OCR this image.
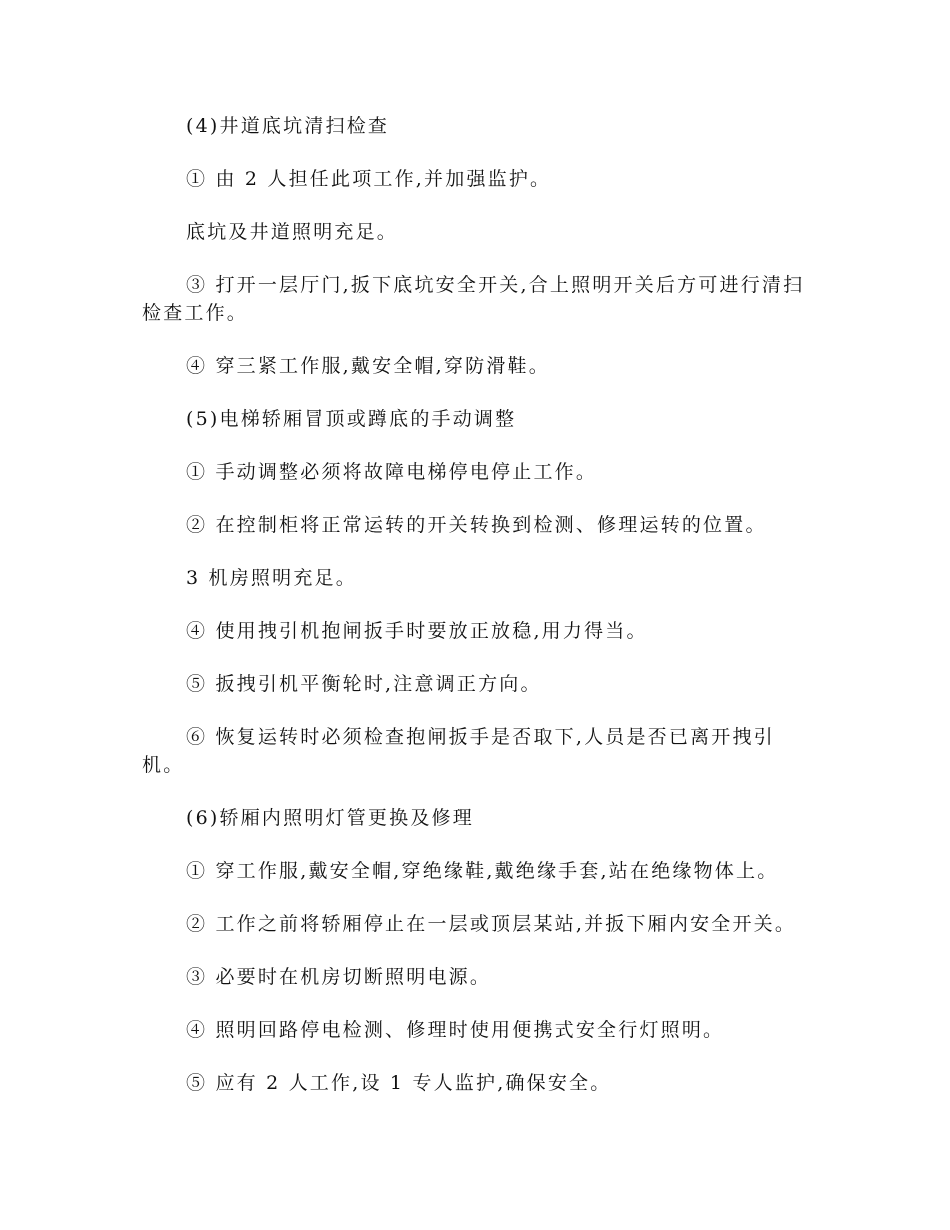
(4)井道底坑清扫检查

① 由 2 人担任此项工作,并加强监护。

底坑及井道照明充足。

③ 打开一层厅门,扳下底坑安全开关,合上照明开关后方可进行清扫检查工作。

④ 穿三紧工作服,戴安全帽,穿防滑鞋。

(5)电梯轿厢冒顶或蹲底的手动调整

① 手动调整必须将故障电梯停电停止工作。

② 在控制柜将正常运转的开关转换到检测、修理运转的位置。

3 机房照明充足。

④ 使用拽引机抱闸扳手时要放正放稳,用力得当。

⑤ 扳拽引机平衡轮时,注意调正方向。

⑥ 恢复运转时必须检查抱闸扳手是否取下,人员是否已离开拽引机。

(6)轿厢内照明灯管更换及修理

① 穿工作服,戴安全帽,穿绝缘鞋,戴绝缘手套,站在绝缘物体上。

② 工作之前将轿厢停止在一层或顶层某站,并扳下厢内安全开关。

③ 必要时在机房切断照明电源。

④ 照明回路停电检测、修理时使用便携式安全行灯照明。

⑤ 应有 2 人工作,设 1 专人监护,确保安全。
